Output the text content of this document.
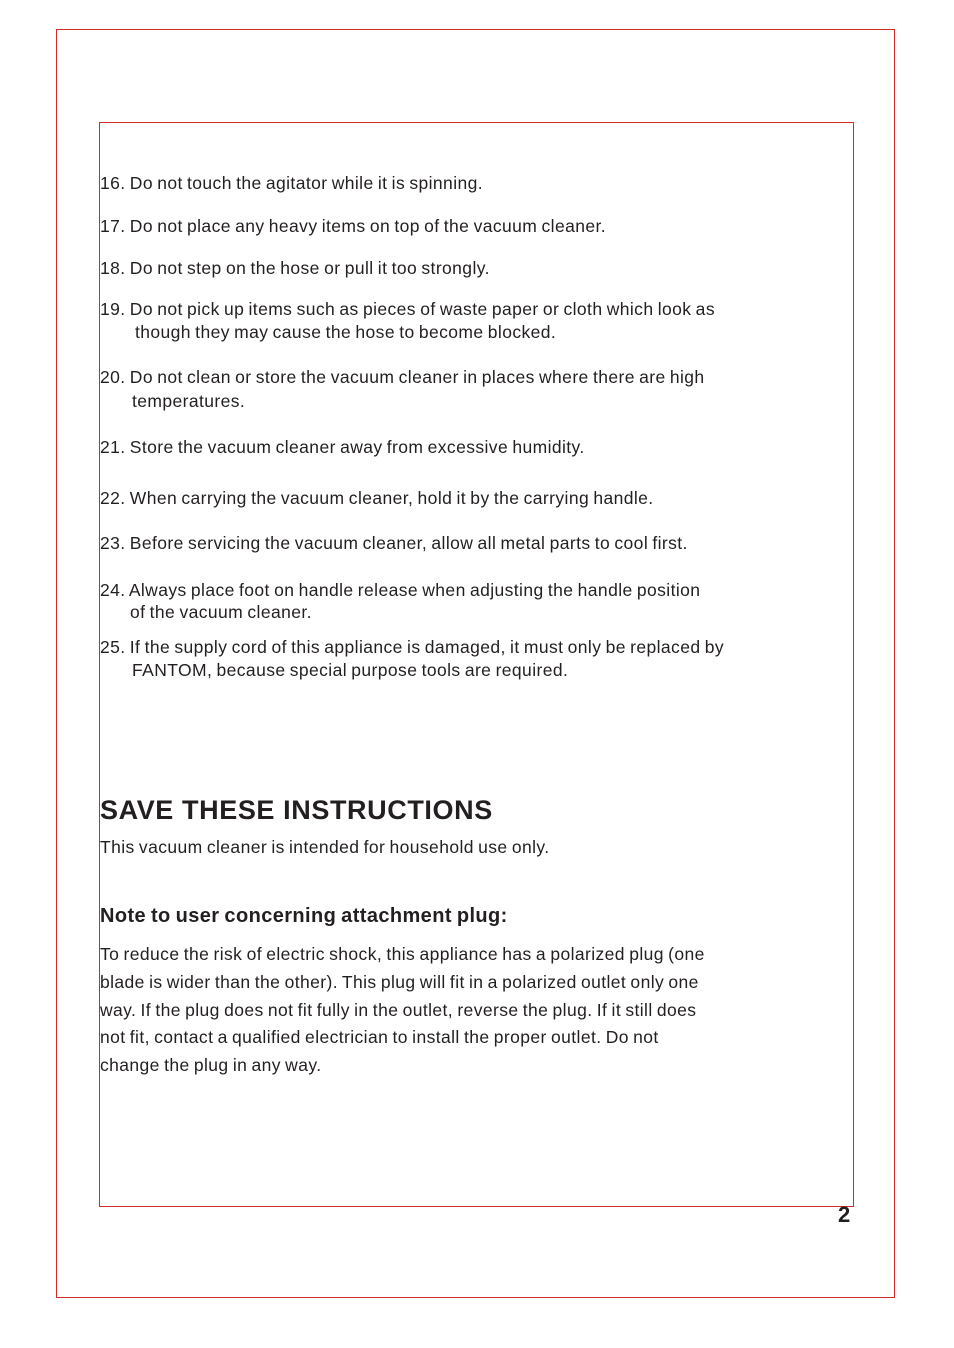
16. Do not touch the agitator while it is spinning.
17. Do not place any heavy items on top of the vacuum cleaner.
18. Do not step on the hose or pull it too strongly.
19. Do not pick up items such as pieces of waste paper or cloth which look as
though they may cause the hose to become blocked.
20. Do not clean or store the vacuum cleaner in places where there are high
temperatures.
21. Store the vacuum cleaner away from excessive humidity.
22. When carrying the vacuum cleaner, hold it by the carrying handle.
23. Before servicing the vacuum cleaner, allow all metal parts to cool first.
24. Always place foot on handle release when adjusting the handle position
of the vacuum cleaner.
25. If the supply cord of this appliance is damaged, it must only be replaced by
FANTOM, because special purpose tools are required.
SAVE THESE INSTRUCTIONS
This vacuum cleaner is intended for household use only.
Note to user concerning attachment plug:
To reduce the risk of electric shock, this appliance has a polarized plug (one
blade is wider than the other). This plug will fit in a polarized outlet only one
way. If the plug does not fit fully in the outlet, reverse the plug. If it still does
not fit, contact a qualified electrician to install the proper outlet. Do not
change the plug in any way.
2
